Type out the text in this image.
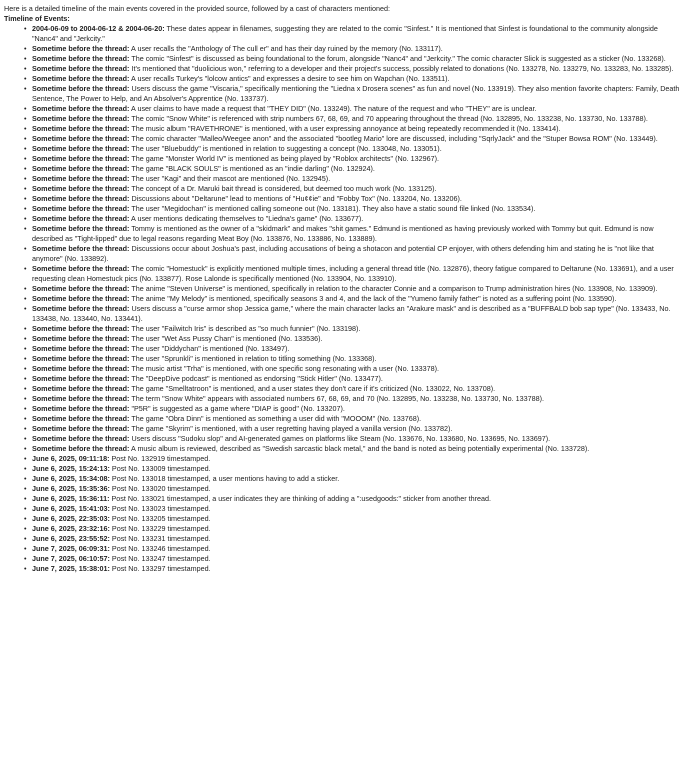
Here is a detailed timeline of the main events covered in the provided source, followed by a cast of characters mentioned:

Timeline of Events:

• 2004-06-09 to 2004-06-12 & 2004-06-20: These dates appear in filenames, suggesting they are related to the comic "Sinfest." It is mentioned that Sinfest is foundational to the community alongside "Nanc4" and "Jerkcity."
• Sometime before the thread: A user recalls the "Anthology of The cull er" and has their day ruined by the memory (No. 133117).
• Sometime before the thread: The comic "Sinfest" is discussed as being foundational to the forum, alongside "Nanc4" and "Jerkcity." The comic character Slick is suggested as a sticker (No. 133268).
• Sometime before the thread: It's mentioned that "duolicious won," referring to a developer and their project's success, possibly related to donations (No. 133278, No. 133279, No. 133283, No. 133285).
• Sometime before the thread: A user recalls Turkey's "lolcow antics" and expresses a desire to see him on Wapchan (No. 133511).
• Sometime before the thread: Users discuss the game "Viscaria," specifically mentioning the "Liedna x Drosera scenes" as fun and novel (No. 133919). They also mention favorite chapters: Family, Death Sentence, The Power to Help, and An Absolver's Apprentice (No. 133737).
• Sometime before the thread: A user claims to have made a request that "THEY DID" (No. 133249). The nature of the request and who "THEY" are is unclear.
• Sometime before the thread: The comic "Snow White" is referenced with strip numbers 67, 68, 69, and 70 appearing throughout the thread (No. 132895, No. 133238, No. 133730, No. 133788).
• Sometime before the thread: The music album "RAVETHRONE" is mentioned, with a user expressing annoyance at being repeatedly recommended it (No. 133414).
• Sometime before the thread: The comic character "Malleo/Weegee anon" and the associated "bootleg Mario" lore are discussed, including "SqrlyJack" and the "Stuper Bowsa ROM" (No. 133449).
• Sometime before the thread: The user "Bluebuddy" is mentioned in relation to suggesting a concept (No. 133048, No. 133051).
• Sometime before the thread: The game "Monster World IV" is mentioned as being played by "Roblox architects" (No. 132967).
• Sometime before the thread: The game "BLACK SOULS" is mentioned as an "indie darling" (No. 132924).
• Sometime before the thread: The user "Kagi" and their mascot are mentioned (No. 132945).
• Sometime before the thread: The concept of a Dr. Maruki bait thread is considered, but deemed too much work (No. 133125).
• Sometime before the thread: Discussions about "Deltarune" lead to mentions of "Hu¢¢ie" and "Fobby Tox" (No. 133204, No. 133206).
• Sometime before the thread: The user "Megidochan" is mentioned calling someone out (No. 133181). They also have a static sound file linked (No. 133534).
• Sometime before the thread: A user mentions dedicating themselves to "Liedna's game" (No. 133677).
• Sometime before the thread: Tommy is mentioned as the owner of a "skidmark" and makes "shit games." Edmund is mentioned as having previously worked with Tommy but quit. Edmund is now described as "Tight-lipped" due to legal reasons regarding Meat Boy (No. 133876, No. 133886, No. 133889).
• Sometime before the thread: Discussions occur about Joshua's past, including accusations of being a shotacon and potential CP enjoyer, with others defending him and stating he is "not like that anymore" (No. 133892).
• Sometime before the thread: The comic "Homestuck" is explicitly mentioned multiple times, including a general thread title (No. 132876), theory fatigue compared to Deltarune (No. 133691), and a user requesting clean Homestuck pics (No. 133877). Rose Lalonde is specifically mentioned (No. 133904, No. 133910).
• Sometime before the thread: The anime "Steven Universe" is mentioned, specifically in relation to the character Connie and a comparison to Trump administration hires (No. 133908, No. 133909).
• Sometime before the thread: The anime "My Melody" is mentioned, specifically seasons 3 and 4, and the lack of the "Yumeno family father" is noted as a suffering point (No. 133590).
• Sometime before the thread: Users discuss a "curse armor shop Jessica game," where the main character lacks an "Arakure mask" and is described as a "BUFFBALD bob sap type" (No. 133433, No. 133438, No. 133440, No. 133441).
• Sometime before the thread: The user "Failwitch Iris" is described as "so much funnier" (No. 133198).
• Sometime before the thread: The user "Wet Ass Pussy Chan" is mentioned (No. 133536).
• Sometime before the thread: The user "Diddychan" is mentioned (No. 133497).
• Sometime before the thread: The user "Sprunkli" is mentioned in relation to titling something (No. 133368).
• Sometime before the thread: The music artist "Trha" is mentioned, with one specific song resonating with a user (No. 133378).
• Sometime before the thread: The "DeepDive podcast" is mentioned as endorsing "Stick Hitler" (No. 133477).
• Sometime before the thread: The game "Smelltatroon" is mentioned, and a user states they don't care if it's criticized (No. 133022, No. 133708).
• Sometime before the thread: The term "Snow White" appears with associated numbers 67, 68, 69, and 70 (No. 132895, No. 133238, No. 133730, No. 133788).
• Sometime before the thread: "P5R" is suggested as a game where "DIAP is good" (No. 133207).
• Sometime before the thread: The game "Obra Dinn" is mentioned as something a user did with "MOOOM" (No. 133768).
• Sometime before the thread: The game "Skyrim" is mentioned, with a user regretting having played a vanilla version (No. 133782).
• Sometime before the thread: Users discuss "Sudoku slop" and AI-generated games on platforms like Steam (No. 133676, No. 133680, No. 133695, No. 133697).
• Sometime before the thread: A music album is reviewed, described as "Swedish sarcastic black metal," and the band is noted as being potentially experimental (No. 133728).
• June 6, 2025, 09:11:18: Post No. 132919 timestamped.
• June 6, 2025, 15:24:13: Post No. 133009 timestamped.
• June 6, 2025, 15:34:08: Post No. 133018 timestamped, a user mentions having to add a sticker.
• June 6, 2025, 15:35:36: Post No. 133020 timestamped.
• June 6, 2025, 15:36:11: Post No. 133021 timestamped, a user indicates they are thinking of adding a ":usedgoods:" sticker from another thread.
• June 6, 2025, 15:41:03: Post No. 133023 timestamped.
• June 6, 2025, 22:35:03: Post No. 133205 timestamped.
• June 6, 2025, 23:32:16: Post No. 133229 timestamped.
• June 6, 2025, 23:55:52: Post No. 133231 timestamped.
• June 7, 2025, 06:09:31: Post No. 133246 timestamped.
• June 7, 2025, 06:10:57: Post No. 133247 timestamped.
• June 7, 2025, 15:38:01: Post No. 133297 timestamped.
